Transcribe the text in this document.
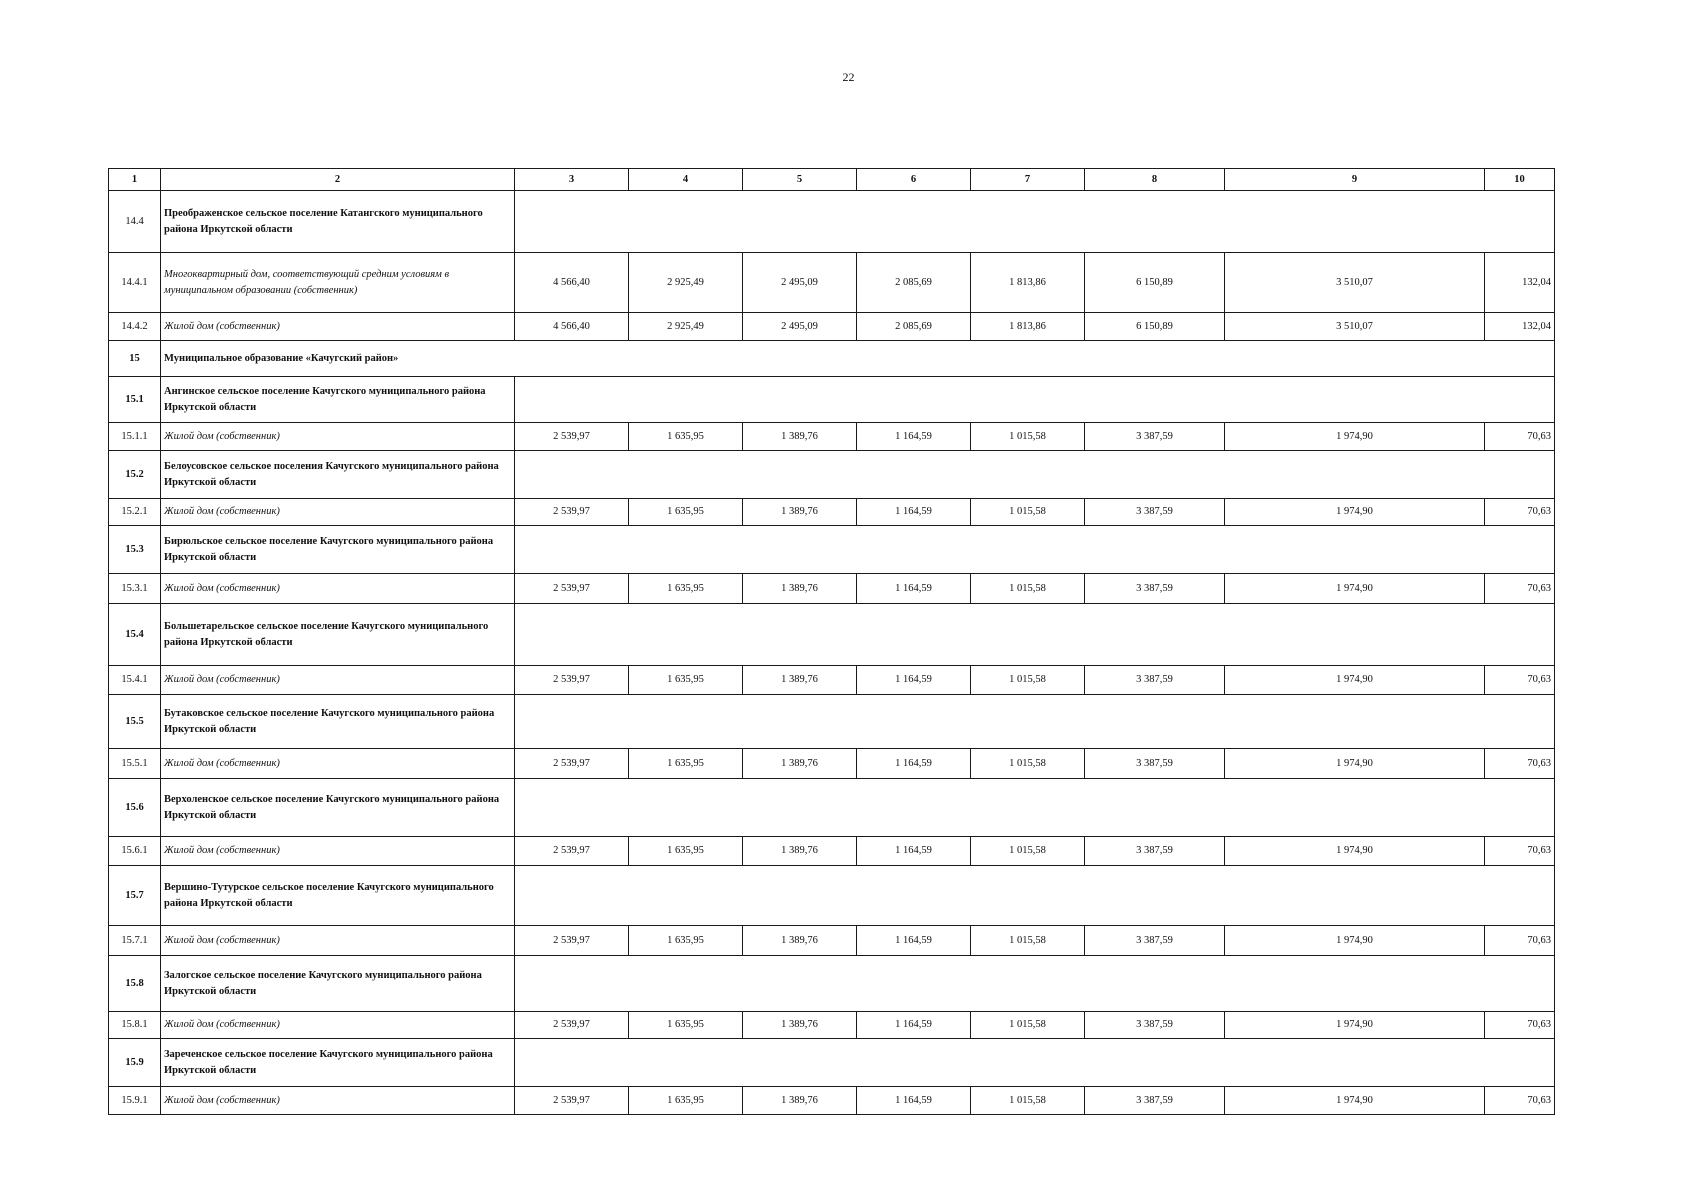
22
1	2	3	4	5	6	7	8	9	10
14.4	Преображенское сельское поселение Катангского муниципального района Иркутской области								
14.4.1	Многоквартирный дом, соответствующий средним условиям в муниципальном образовании (собственник)	4 566,40	2 925,49	2 495,09	2 085,69	1 813,86	6 150,89	3 510,07	132,04
14.4.2	Жилой дом (собственник)	4 566,40	2 925,49	2 495,09	2 085,69	1 813,86	6 150,89	3 510,07	132,04
15	Муниципальное образование «Качугский район»								
15.1	Ангинское сельское поселение Качугского муниципального района Иркутской области								
15.1.1	Жилой дом (собственник)	2 539,97	1 635,95	1 389,76	1 164,59	1 015,58	3 387,59	1 974,90	70,63
15.2	Белоусовское сельское поселения Качугского муниципального района Иркутской области								
15.2.1	Жилой дом (собственник)	2 539,97	1 635,95	1 389,76	1 164,59	1 015,58	3 387,59	1 974,90	70,63
15.3	Бирюльское сельское поселение Качугского муниципального района Иркутской области								
15.3.1	Жилой дом (собственник)	2 539,97	1 635,95	1 389,76	1 164,59	1 015,58	3 387,59	1 974,90	70,63
15.4	Большетарельское сельское поселение Качугского муниципального района Иркутской области								
15.4.1	Жилой дом (собственник)	2 539,97	1 635,95	1 389,76	1 164,59	1 015,58	3 387,59	1 974,90	70,63
15.5	Бутаковское сельское поселение Качугского муниципального района Иркутской области								
15.5.1	Жилой дом (собственник)	2 539,97	1 635,95	1 389,76	1 164,59	1 015,58	3 387,59	1 974,90	70,63
15.6	Верхоленское сельское поселение Качугского муниципального района Иркутской области								
15.6.1	Жилой дом (собственник)	2 539,97	1 635,95	1 389,76	1 164,59	1 015,58	3 387,59	1 974,90	70,63
15.7	Вершино-Тутурское сельское поселение Качугского муниципального района Иркутской области								
15.7.1	Жилой дом (собственник)	2 539,97	1 635,95	1 389,76	1 164,59	1 015,58	3 387,59	1 974,90	70,63
15.8	Залогское сельское поселение Качугского муниципального района Иркутской области								
15.8.1	Жилой дом (собственник)	2 539,97	1 635,95	1 389,76	1 164,59	1 015,58	3 387,59	1 974,90	70,63
15.9	Зареченское сельское поселение Качугского муниципального района Иркутской области								
15.9.1	Жилой дом (собственник)	2 539,97	1 635,95	1 389,76	1 164,59	1 015,58	3 387,59	1 974,90	70,63
